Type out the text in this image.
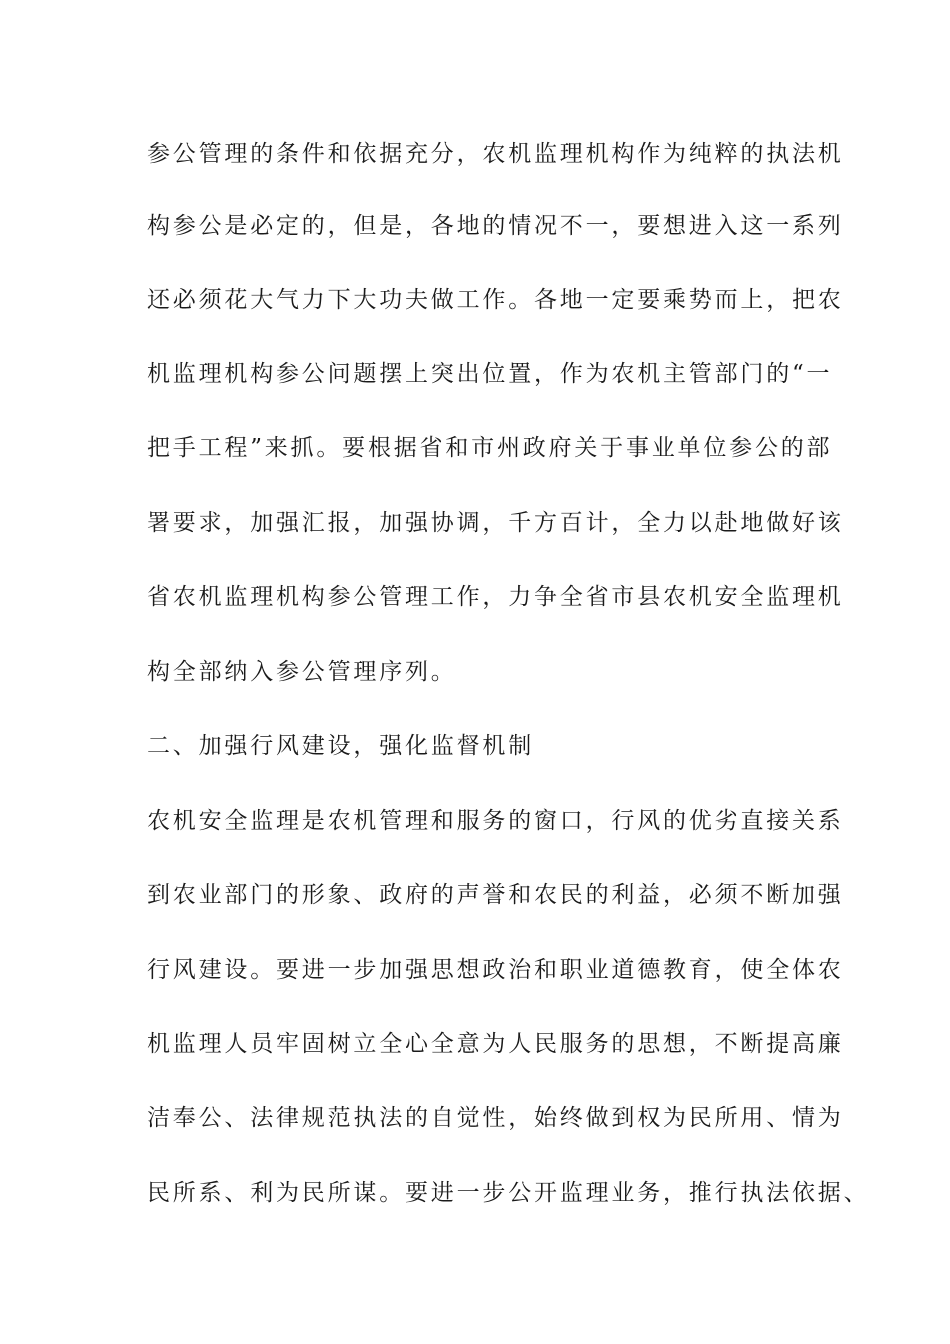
参公管理的条件和依据充分，农机监理机构作为纯粹的执法机
构参公是必定的，但是，各地的情况不一，要想进入这一系列
还必须花大气力下大功夫做工作。各地一定要乘势而上，把农
机监理机构参公问题摆上突出位置，作为农机主管部门的“一
把手工程”来抓。要根据省和市州政府关于事业单位参公的部
署要求，加强汇报，加强协调，千方百计，全力以赴地做好该
省农机监理机构参公管理工作，力争全省市县农机安全监理机
构全部纳入参公管理序列。
二、加强行风建设，强化监督机制
农机安全监理是农机管理和服务的窗口，行风的优劣直接关系
到农业部门的形象、政府的声誉和农民的利益，必须不断加强
行风建设。要进一步加强思想政治和职业道德教育，使全体农
机监理人员牢固树立全心全意为人民服务的思想，不断提高廉
洁奉公、法律规范执法的自觉性，始终做到权为民所用、情为
民所系、利为民所谋。要进一步公开监理业务，推行执法依据、
